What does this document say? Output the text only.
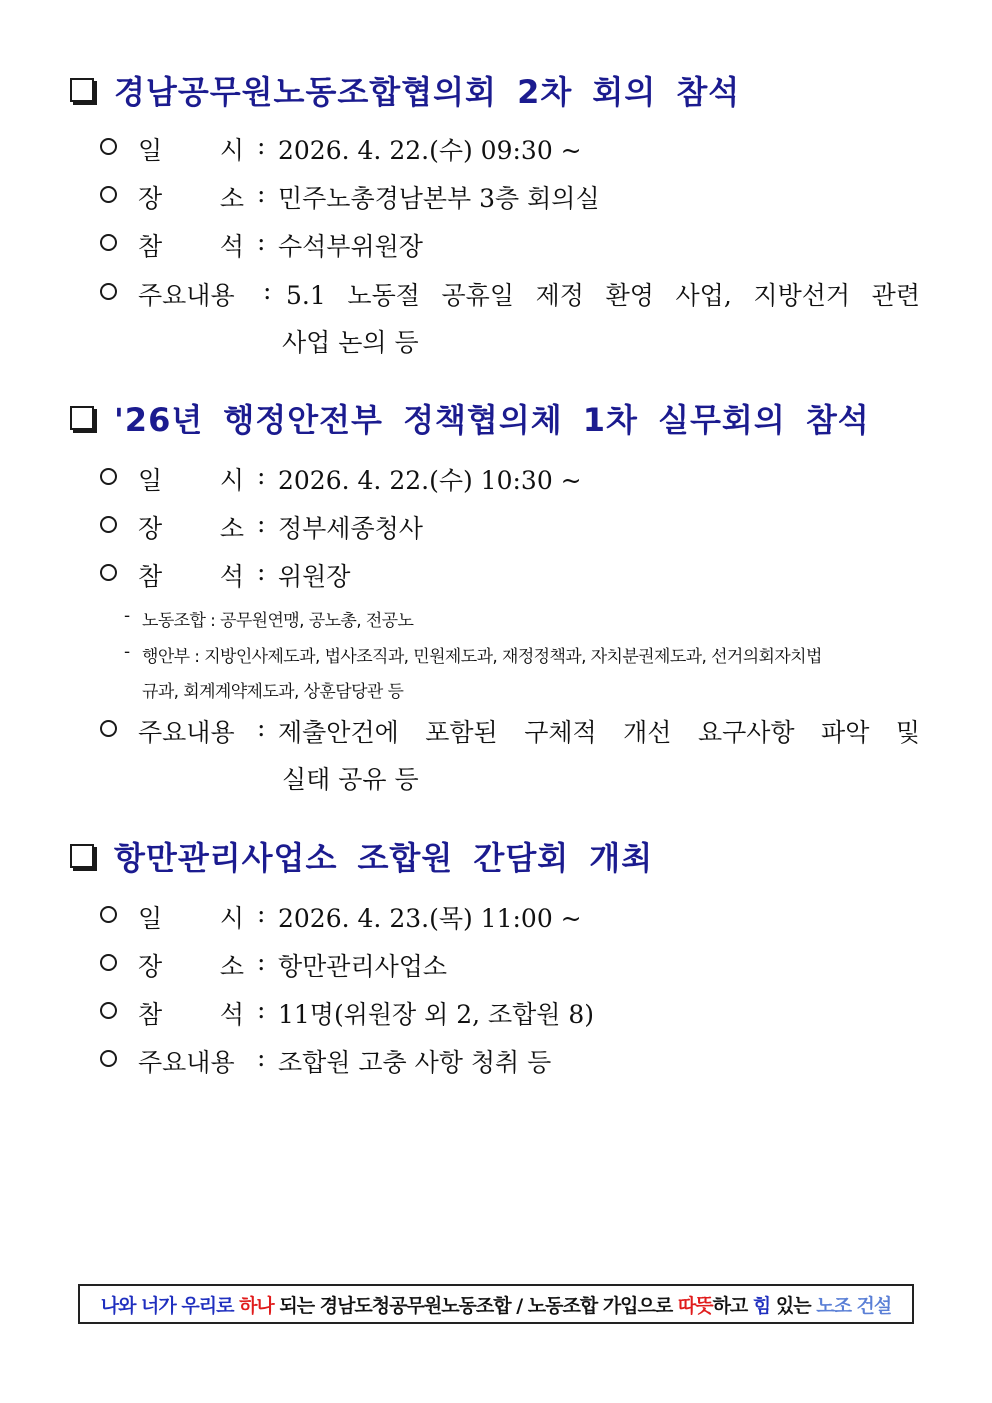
경남공무원노동조합협의회 2차 회의 참석
일 시 : 2026. 4. 22.(수) 09:30 ~
장 소 : 민주노총경남본부 3층 회의실
참 석 : 수석부위원장
주요내용	: 5.1 노동절 공휴일 제정 환영 사업, 지방선거 관련
사업 논의 등
'26년 행정안전부 정책협의체 1차 실무회의 참석
일 시 : 2026. 4. 22.(수) 10:30 ~
장 소 : 정부세종청사
참 석 : 위원장
- 노동조합 : 공무원연맹, 공노총, 전공노
- 행안부 : 지방인사제도과, 법사조직과, 민원제도과, 재정정책과, 자치분권제도과, 선거의회자치법
규과, 회계계약제도과, 상훈담당관 등
주요내용 : 제출안건에 포함된 구체적 개선 요구사항 파악 및
실태 공유 등
항만관리사업소 조합원 간담회 개최
일 시 : 2026. 4. 23.(목) 11:00 ~
장 소 : 항만관리사업소
참 석 : 11명(위원장 외 2, 조합원 8)
주요내용 : 조합원 고충 사항 청취 등
나와 너가 우리로 하나 되는 경남도청공무원노동조합 / 노동조합 가입으로 따뜻 하고 힘 있는 노조 건설
